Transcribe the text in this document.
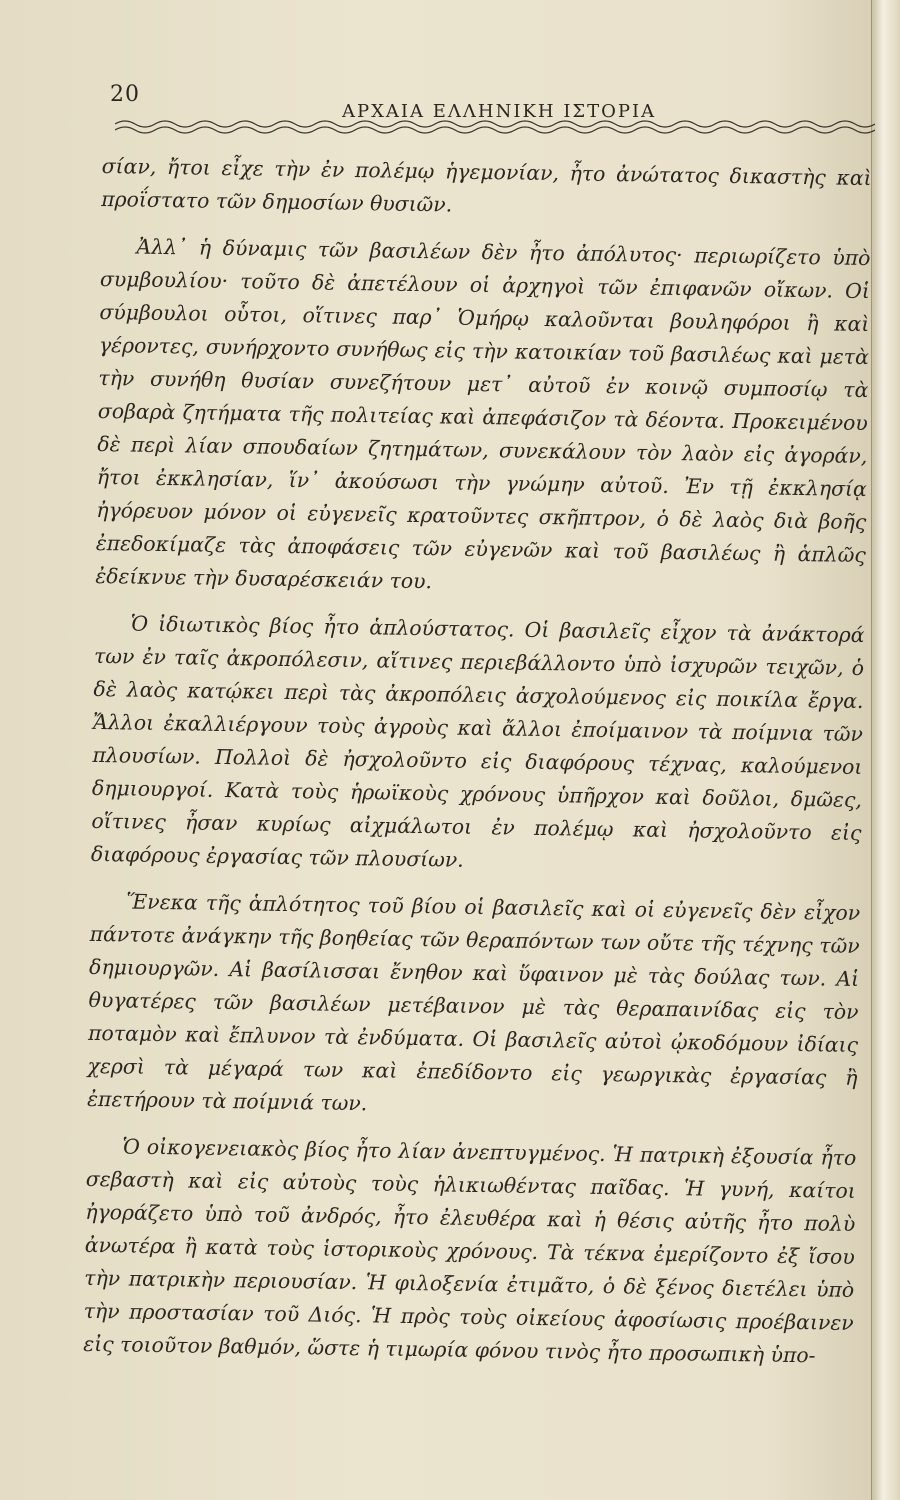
20
ΑΡΧΑΙΑ ΕΛΛΗΝΙΚΗ ΙΣΤΟΡΙΑ

σίαν, ἤτοι εἶχε τὴν ἐν πολέμῳ ἡγεμονίαν, ἦτο ἀνώτατος δικαστὴς καὶ προΐστατο τῶν δημοσίων θυσιῶν.

Ἀλλ᾿ ἡ δύναμις τῶν βασιλέων δὲν ἦτο ἀπόλυτος· περιωρίζετο ὑπὸ συμβουλίου· τοῦτο δὲ ἀπετέλουν οἱ ἀρχηγοὶ τῶν ἐπιφανῶν οἴκων. Οἱ σύμβουλοι οὗτοι, οἵτινες παρ᾿ Ὁμήρῳ καλοῦνται βουληφόροι ἢ καὶ γέροντες, συνήρχοντο συνήθως εἰς τὴν κατοικίαν τοῦ βασιλέως καὶ μετὰ τὴν συνήθη θυσίαν συνεζήτουν μετ᾿ αὐτοῦ ἐν κοινῷ συμποσίῳ τὰ σοβαρὰ ζητήματα τῆς πολιτείας καὶ ἀπεφάσιζον τὰ δέοντα. Προκειμένου δὲ περὶ λίαν σπουδαίων ζητημάτων, συνεκάλουν τὸν λαὸν εἰς ἀγοράν, ἤτοι ἐκκλησίαν, ἵν᾿ ἀκούσωσι τὴν γνώμην αὐτοῦ. Ἐν τῇ ἐκκλησίᾳ ἠγόρευον μόνον οἱ εὐγενεῖς κρατοῦντες σκῆπτρον, ὁ δὲ λαὸς διὰ βοῆς ἐπεδοκίμαζε τὰς ἀποφάσεις τῶν εὐγενῶν καὶ τοῦ βασιλέως ἢ ἁπλῶς ἐδείκνυε τὴν δυσαρέσκειάν του.

Ὁ ἰδιωτικὸς βίος ἦτο ἁπλούστατος. Οἱ βασιλεῖς εἶχον τὰ ἀνάκτορά των ἐν ταῖς ἀκροπόλεσιν, αἵτινες περιεβάλλοντο ὑπὸ ἰσχυρῶν τειχῶν, ὁ δὲ λαὸς κατῴκει περὶ τὰς ἀκροπόλεις ἀσχολούμενος εἰς ποικίλα ἔργα. Ἄλλοι ἐκαλλιέργουν τοὺς ἀγροὺς καὶ ἄλλοι ἐποίμαινον τὰ ποίμνια τῶν πλουσίων. Πολλοὶ δὲ ἠσχολοῦντο εἰς διαφόρους τέχνας, καλούμενοι δημιουργοί. Κατὰ τοὺς ἡρωϊκοὺς χρόνους ὑπῆρχον καὶ δοῦλοι, δμῶες, οἵτινες ἦσαν κυρίως αἰχμάλωτοι ἐν πολέμῳ καὶ ἠσχολοῦντο εἰς διαφόρους ἐργασίας τῶν πλουσίων.

Ἕνεκα τῆς ἁπλότητος τοῦ βίου οἱ βασιλεῖς καὶ οἱ εὐγενεῖς δὲν εἶχον πάντοτε ἀνάγκην τῆς βοηθείας τῶν θεραπόντων των οὔτε τῆς τέχνης τῶν δημιουργῶν. Αἱ βασίλισσαι ἔνηθον καὶ ὕφαινον μὲ τὰς δούλας των. Αἱ θυγατέρες τῶν βασιλέων μετέβαινον μὲ τὰς θεραπαινίδας εἰς τὸν ποταμὸν καὶ ἔπλυνον τὰ ἐνδύματα. Οἱ βασιλεῖς αὐτοὶ ᾠκοδόμουν ἰδίαις χερσὶ τὰ μέγαρά των καὶ ἐπεδίδοντο εἰς γεωργικὰς ἐργασίας ἢ ἐπετήρουν τὰ ποίμνιά των.

Ὁ οἰκογενειακὸς βίος ἦτο λίαν ἀνεπτυγμένος. Ἡ πατρικὴ ἐξουσία ἦτο σεβαστὴ καὶ εἰς αὐτοὺς τοὺς ἡλικιωθέντας παῖδας. Ἡ γυνή, καίτοι ἠγοράζετο ὑπὸ τοῦ ἀνδρός, ἦτο ἐλευθέρα καὶ ἡ θέσις αὐτῆς ἦτο πολὺ ἀνωτέρα ἢ κατὰ τοὺς ἱστορικοὺς χρόνους. Τὰ τέκνα ἐμερίζοντο ἐξ ἴσου τὴν πατρικὴν περιουσίαν. Ἡ φιλοξενία ἐτιμᾶτο, ὁ δὲ ξένος διετέλει ὑπὸ τὴν προστασίαν τοῦ Διός. Ἡ πρὸς τοὺς οἰκείους ἀφοσίωσις προέβαινεν εἰς τοιοῦτον βαθμόν, ὥστε ἡ τιμωρία φόνου τινὸς ἦτο προσωπικὴ ὑπο-
